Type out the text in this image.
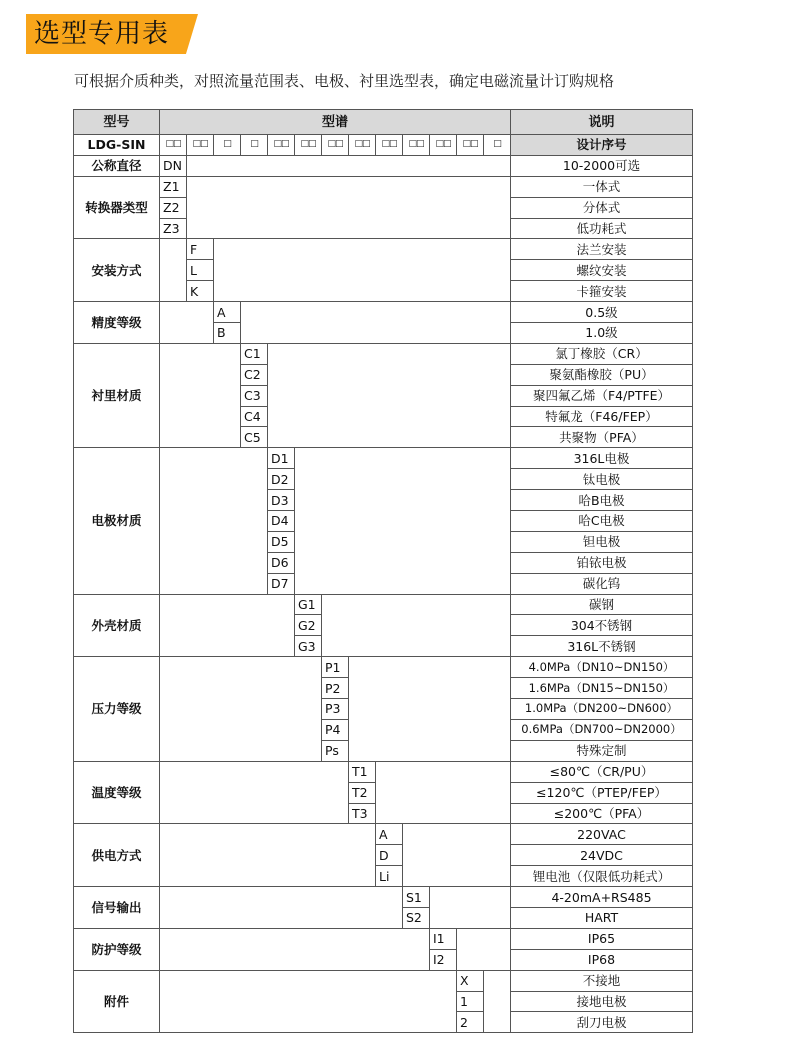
选型专用表
可根据介质种类，对照流量范围表、电极、衬里选型表，确定电磁流量计订购规格
型号	型谱													说明
LDG-SIN	□□	□□	□	□	□□	□□	□□	□□	□□	□□	□□	□□	□	设计序号
公称直径	DN													10-2000可选
转换器类型	Z1													一体式
	Z2													分体式
	Z3													低功耗式
安装方式		F												法兰安装
		L												螺纹安装
		K												卡箍安装
精度等级			A											0.5级
			B											1.0级
衬里材质				C1										氯丁橡胶（CR）
				C2										聚氨酯橡胶（PU）
				C3										聚四氟乙烯（F4/PTFE）
				C4										特氟龙（F46/FEP）
				C5										共聚物（PFA）
电极材质					D1									316L电极
					D2									钛电极
					D3									哈B电极
					D4									哈C电极
					D5									钽电极
					D6									铂铱电极
					D7									碳化钨
外壳材质						G1								碳钢
						G2								304不锈钢
						G3								316L不锈钢
压力等级							P1							4.0MPa（DN10~DN150）
							P2							1.6MPa（DN15~DN150）
							P3							1.0MPa（DN200~DN600）
							P4							0.6MPa（DN700~DN2000）
							Ps							特殊定制
温度等级								T1						≤80℃（CR/PU）
								T2						≤120℃（PTEP/FEP）
								T3						≤200℃（PFA）
供电方式									A					220VAC
									D					24VDC
									Li					锂电池（仅限低功耗式）
信号输出										S1				4-20mA+RS485
										S2				HART
防护等级											I1			IP65
											I2			IP68
附件												X		不接地
												1		接地电极
												2		刮刀电极
